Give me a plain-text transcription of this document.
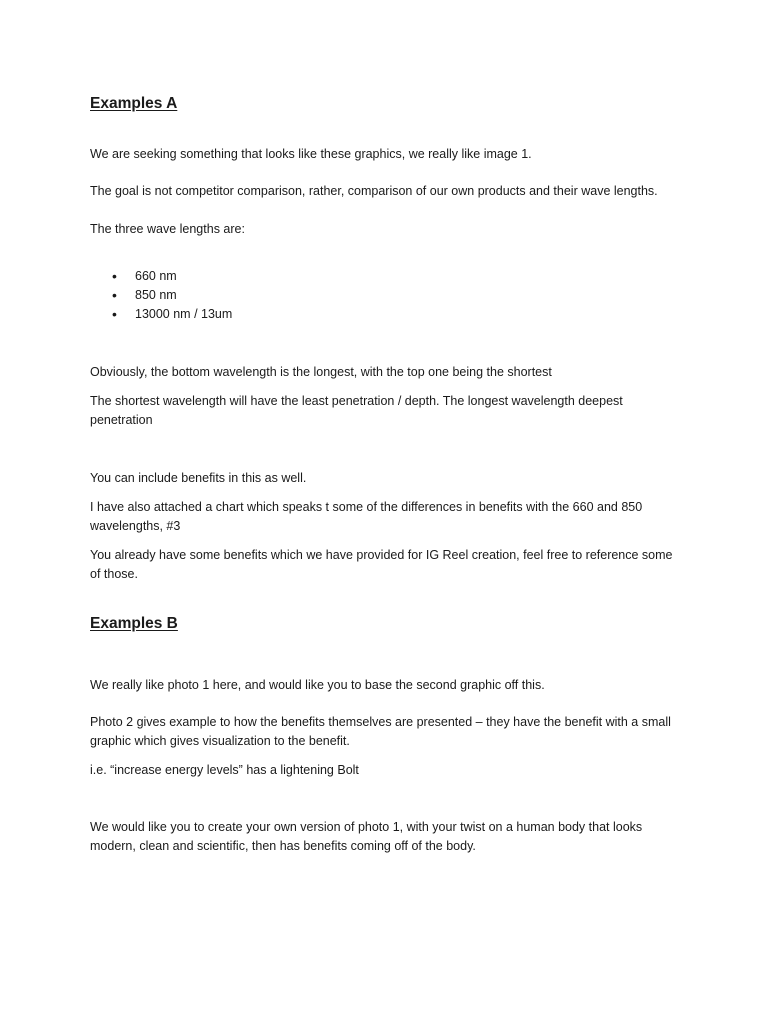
Examples A

We are seeking something that looks like these graphics, we really like image 1.

The goal is not competitor comparison, rather, comparison of our own products and their wave lengths.

The three wave lengths are:

• 660 nm
• 850 nm
• 13000 nm / 13um

Obviously, the bottom wavelength is the longest, with the top one being the shortest

The shortest wavelength will have the least penetration / depth. The longest wavelength deepest penetration

You can include benefits in this as well.

I have also attached a chart which speaks t some of the differences in benefits with the 660 and 850 wavelengths, #3

You already have some benefits which we have provided for IG Reel creation, feel free to reference some of those.

Examples B

We really like photo 1 here, and would like you to base the second graphic off this.

Photo 2 gives example to how the benefits themselves are presented – they have the benefit with a small graphic which gives visualization to the benefit.

i.e. “increase energy levels” has a lightening Bolt

We would like you to create your own version of photo 1, with your twist on a human body that looks modern, clean and scientific, then has benefits coming off of the body.
